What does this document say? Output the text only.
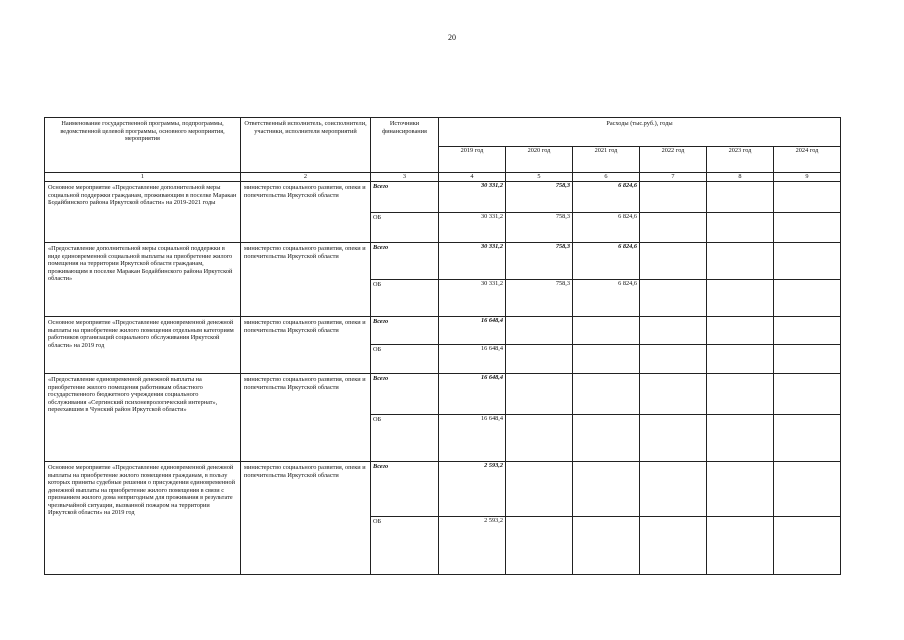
20
Наименование государственной программы, подпрограммы, ведомственной целевой программы, основного мероприятия, мероприятия	Ответственный исполнитель, соисполнители, участники, исполнители мероприятий	Источники финансирования	Расходы (тыс.руб.), годы					
			2019 год	2020 год	2021 год	2022 год	2023 год	2024 год
1	2	3	4	5	6	7	8	9
Основное мероприятие «Предоставление дополнительной меры социальной поддержки гражданам, проживающим в поселке Маракан Бодайбинского района Иркутской области» на 2019-2021 годы	министерство социального развития, опеки и попечительства Иркутской области	Всего	30 331,2	758,3	6 824,6			
		ОБ	30 331,2	758,3	6 824,6			
«Предоставление дополнительной меры социальной поддержки в виде единовременной социальной выплаты на приобретение жилого помещения на территории Иркутской области гражданам, проживающим в поселке Маракан Бодайбинского района Иркутской области»	министерство социального развития, опеки и попечительства Иркутской области	Всего	30 331,2	758,3	6 824,6			
		ОБ	30 331,2	758,3	6 824,6			
Основное мероприятие «Предоставление единовременной денежной выплаты на приобретение жилого помещения отдельным категориям работников организаций социального обслуживания Иркутской области» на 2019 год	министерство социального развития, опеки и попечительства Иркутской области	Всего	16 648,4					
		ОБ	16 648,4					
«Предоставление единовременной денежной выплаты на приобретение жилого помещения работникам областного государственного бюджетного учреждения социального обслуживания «Сергинский психоневрологический интернат», переехавшим в Чунский район Иркутской области»	министерство социального развития, опеки и попечительства Иркутской области	Всего	16 648,4					
		ОБ	16 648,4					
Основное мероприятие «Предоставление единовременной денежной выплаты на приобретение жилого помещения гражданам, в пользу которых приняты судебные решения о присуждении единовременной денежной выплаты на приобретение жилого помещения в связи с признанием жилого дома непригодным для проживания в результате чрезвычайной ситуации, вызванной пожаром на территории Иркутской области» на 2019 год	министерство социального развития, опеки и попечительства Иркутской области	Всего	2 593,2					
		ОБ	2 593,2					
